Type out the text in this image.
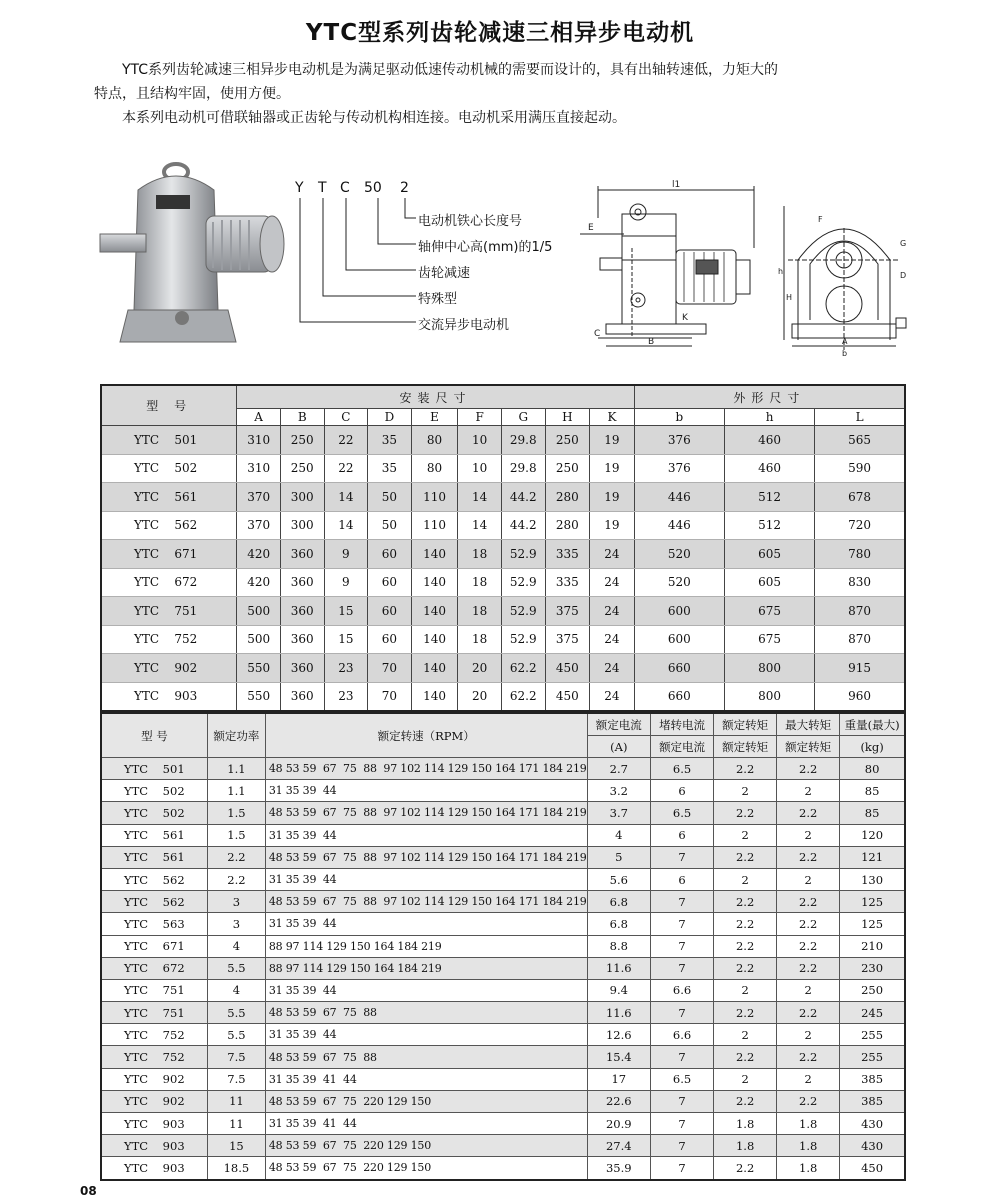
YTC型系列齿轮减速三相异步电动机

YTC系列齿轮减速三相异步电动机是为满足驱动低速传动机械的需要而设计的，具有出轴转速低，力矩大的

特点，且结构牢固，使用方便。

本系列电动机可借联轴器或正齿轮与传动机构相连接。电动机采用满压直接起动。

Y T C 50 2
电动机铁心长度号
轴伸中心高(mm)的1/5
齿轮减速
特殊型
交流异步电动机
l1
E
K
C
B
F
G
D
h
H
A
b
型 号	安装尺寸									外形尺寸		
	A	B	C	D	E	F	G	H	K	b	h	L
YTC    501	310	250	22	35	80	10	29.8	250	19	376	460	565
YTC    502	310	250	22	35	80	10	29.8	250	19	376	460	590
YTC    561	370	300	14	50	110	14	44.2	280	19	446	512	678
YTC    562	370	300	14	50	110	14	44.2	280	19	446	512	720
YTC    671	420	360	9	60	140	18	52.9	335	24	520	605	780
YTC    672	420	360	9	60	140	18	52.9	335	24	520	605	830
YTC    751	500	360	15	60	140	18	52.9	375	24	600	675	870
YTC    752	500	360	15	60	140	18	52.9	375	24	600	675	870
YTC    902	550	360	23	70	140	20	62.2	450	24	660	800	915
YTC    903	550	360	23	70	140	20	62.2	450	24	660	800	960
型 号	额定功率	额定转速（RPM）	额定电流	堵转电流	额定转矩	最大转矩	重量(最大)
			(A)	额定电流	额定转矩	额定转矩	(kg)
YTC    501	1.1	48 53 59  67  75  88  97 102 114 129 150 164 171 184 219	2.7	6.5	2.2	2.2	80
YTC    502	1.1	31 35 39  44	3.2	6	2	2	85
YTC    502	1.5	48 53 59  67  75  88  97 102 114 129 150 164 171 184 219	3.7	6.5	2.2	2.2	85
YTC    561	1.5	31 35 39  44	4	6	2	2	120
YTC    561	2.2	48 53 59  67  75  88  97 102 114 129 150 164 171 184 219	5	7	2.2	2.2	121
YTC    562	2.2	31 35 39  44	5.6	6	2	2	130
YTC    562	3	48 53 59  67  75  88  97 102 114 129 150 164 171 184 219	6.8	7	2.2	2.2	125
YTC    563	3	31 35 39  44	6.8	7	2.2	2.2	125
YTC    671	4	88 97 114 129 150 164 184 219	8.8	7	2.2	2.2	210
YTC    672	5.5	88 97 114 129 150 164 184 219	11.6	7	2.2	2.2	230
YTC    751	4	31 35 39  44	9.4	6.6	2	2	250
YTC    751	5.5	48 53 59  67  75  88	11.6	7	2.2	2.2	245
YTC    752	5.5	31 35 39  44	12.6	6.6	2	2	255
YTC    752	7.5	48 53 59  67  75  88	15.4	7	2.2	2.2	255
YTC    902	7.5	31 35 39  41  44	17	6.5	2	2	385
YTC    902	11	48 53 59  67  75  220 129 150	22.6	7	2.2	2.2	385
YTC    903	11	31 35 39  41  44	20.9	7	1.8	1.8	430
YTC    903	15	48 53 59  67  75  220 129 150	27.4	7	1.8	1.8	430
YTC    903	18.5	48 53 59  67  75  220 129 150	35.9	7	2.2	1.8	450
08
